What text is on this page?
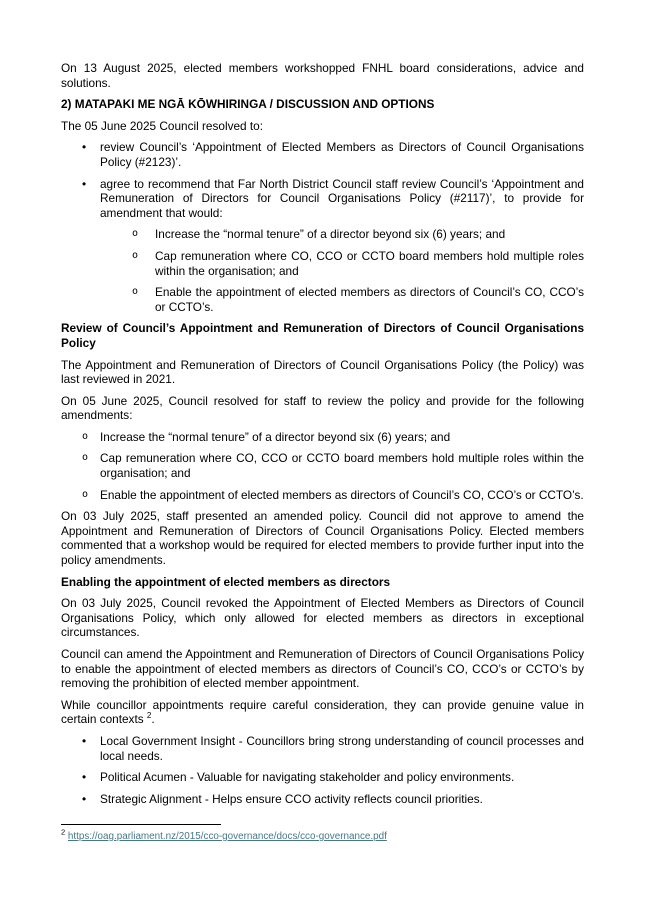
On 13 August 2025, elected members workshopped FNHL board considerations, advice and solutions.

2) MATAPAKI ME NGĀ KŌWHIRINGA / DISCUSSION AND OPTIONS

The 05 June 2025 Council resolved to:

•	review Council’s ‘Appointment of Elected Members as Directors of Council Organisations Policy (#2123)’.
•	agree to recommend that Far North District Council staff review Council’s ‘Appointment and Remuneration of Directors for Council Organisations Policy (#2117)’, to provide for amendment that would:
o	Increase the “normal tenure” of a director beyond six (6) years; and
o	Cap remuneration where CO, CCO or CCTO board members hold multiple roles within the organisation; and
o	Enable the appointment of elected members as directors of Council’s CO, CCO’s or CCTO’s.

Review of Council’s Appointment and Remuneration of Directors of Council Organisations Policy

The Appointment and Remuneration of Directors of Council Organisations Policy (the Policy) was last reviewed in 2021.

On 05 June 2025, Council resolved for staff to review the policy and provide for the following amendments:

o	Increase the “normal tenure” of a director beyond six (6) years; and
o	Cap remuneration where CO, CCO or CCTO board members hold multiple roles within the organisation; and
o	Enable the appointment of elected members as directors of Council’s CO, CCO’s or CCTO’s.

On 03 July 2025, staff presented an amended policy. Council did not approve to amend the Appointment and Remuneration of Directors of Council Organisations Policy. Elected members commented that a workshop would be required for elected members to provide further input into the policy amendments.

Enabling the appointment of elected members as directors

On 03 July 2025, Council revoked the Appointment of Elected Members as Directors of Council Organisations Policy, which only allowed for elected members as directors in exceptional circumstances.

Council can amend the Appointment and Remuneration of Directors of Council Organisations Policy to enable the appointment of elected members as directors of Council’s CO, CCO’s or CCTO’s by removing the prohibition of elected member appointment.

While councillor appointments require careful consideration, they can provide genuine value in certain contexts $^2$.

•	Local Government Insight - Councillors bring strong understanding of council processes and local needs.
•	Political Acumen - Valuable for navigating stakeholder and policy environments.
•	Strategic Alignment - Helps ensure CCO activity reflects council priorities.
$^2$ https://oag.parliament.nz/2015/cco-governance/docs/cco-governance.pdf
